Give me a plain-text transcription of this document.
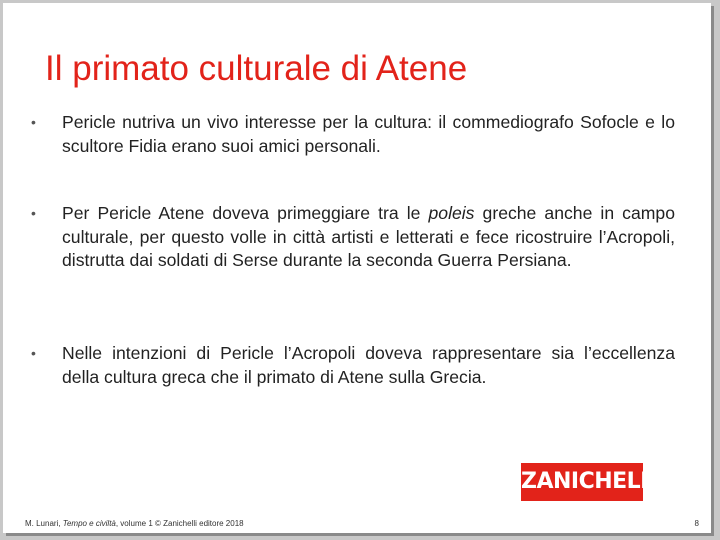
Il primato culturale di Atene
•	Pericle nutriva un vivo interesse per la cultura: il commediografo Sofocle e lo scultore Fidia erano suoi amici personali.
•	Per Pericle Atene doveva primeggiare tra le poleis greche anche in campo culturale, per questo volle in città artisti e letterati e fece ricostruire l’Acropoli, distrutta dai soldati di Serse durante la seconda Guerra Persiana.
•	Nelle intenzioni di Pericle l’Acropoli doveva rappresentare sia l’eccellenza della cultura greca che il primato di Atene sulla Grecia.
ZANICHELLI
M. Lunari, Tempo e civiltà, volume 1 © Zanichelli editore 2018	8
